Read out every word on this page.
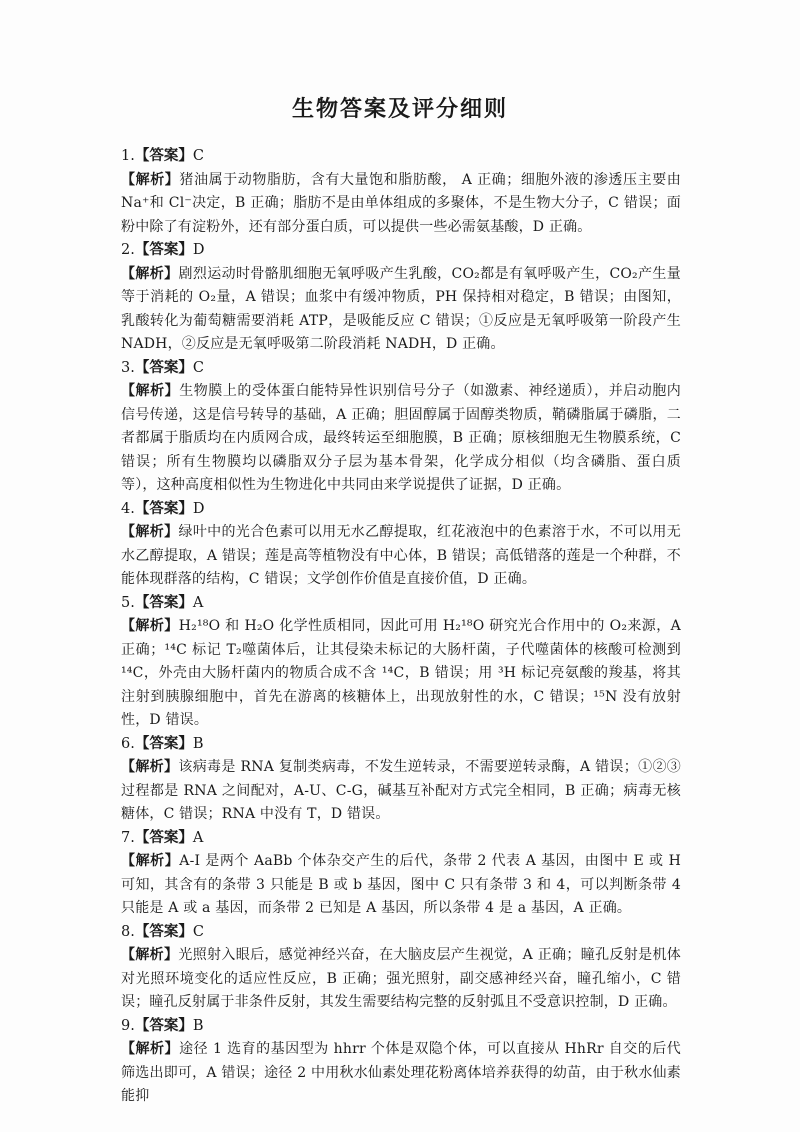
生物答案及评分细则
1.【答案】C

【解析】猪油属于动物脂肪，含有大量饱和脂肪酸， A 正确；细胞外液的渗透压主要由 Na⁺和 Cl⁻决定，B 正确；脂肪不是由单体组成的多聚体，不是生物大分子，C 错误；面粉中除了有淀粉外，还有部分蛋白质，可以提供一些必需氨基酸，D 正确。

2.【答案】D

【解析】剧烈运动时骨骼肌细胞无氧呼吸产生乳酸，CO₂都是有氧呼吸产生，CO₂产生量等于消耗的 O₂量，A 错误；血浆中有缓冲物质，PH 保持相对稳定，B 错误；由图知，乳酸转化为葡萄糖需要消耗 ATP，是吸能反应 C 错误；①反应是无氧呼吸第一阶段产生 NADH，②反应是无氧呼吸第二阶段消耗 NADH，D 正确。

3.【答案】C

【解析】生物膜上的受体蛋白能特异性识别信号分子（如激素、神经递质），并启动胞内信号传递，这是信号转导的基础，A 正确；胆固醇属于固醇类物质，鞘磷脂属于磷脂，二者都属于脂质均在内质网合成，最终转运至细胞膜，B 正确；原核细胞无生物膜系统，C 错误；所有生物膜均以磷脂双分子层为基本骨架，化学成分相似（均含磷脂、蛋白质等），这种高度相似性为生物进化中共同由来学说提供了证据，D 正确。

4.【答案】D

【解析】绿叶中的光合色素可以用无水乙醇提取，红花液泡中的色素溶于水，不可以用无水乙醇提取，A 错误；莲是高等植物没有中心体，B 错误；高低错落的莲是一个种群，不能体现群落的结构，C 错误；文学创作价值是直接价值，D 正确。

5.【答案】A

【解析】H₂¹⁸O 和 H₂O 化学性质相同，因此可用 H₂¹⁸O 研究光合作用中的 O₂来源，A 正确；¹⁴C 标记 T₂噬菌体后，让其侵染未标记的大肠杆菌，子代噬菌体的核酸可检测到 ¹⁴C，外壳由大肠杆菌内的物质合成不含 ¹⁴C，B 错误；用 ³H 标记亮氨酸的羧基，将其注射到胰腺细胞中，首先在游离的核糖体上，出现放射性的水，C 错误；¹⁵N 没有放射性，D 错误。

6.【答案】B

【解析】该病毒是 RNA 复制类病毒，不发生逆转录，不需要逆转录酶，A 错误；①②③过程都是 RNA 之间配对，A-U、C-G，碱基互补配对方式完全相同，B 正确；病毒无核糖体，C 错误；RNA 中没有 T，D 错误。

7.【答案】A

【解析】A-I 是两个 AaBb 个体杂交产生的后代，条带 2 代表 A 基因，由图中 E 或 H 可知，其含有的条带 3 只能是 B 或 b 基因，图中 C 只有条带 3 和 4，可以判断条带 4 只能是 A 或 a 基因，而条带 2 已知是 A 基因，所以条带 4 是 a 基因，A 正确。

8.【答案】C

【解析】光照射入眼后，感觉神经兴奋，在大脑皮层产生视觉，A 正确；瞳孔反射是机体对光照环境变化的适应性反应，B 正确；强光照射，副交感神经兴奋，瞳孔缩小，C 错误；瞳孔反射属于非条件反射，其发生需要结构完整的反射弧且不受意识控制，D 正确。

9.【答案】B

【解析】途径 1 选育的基因型为 hhrr 个体是双隐个体，可以直接从 HhRr 自交的后代筛选出即可，A 错误；途径 2 中用秋水仙素处理花粉离体培养获得的幼苗，由于秋水仙素能抑
